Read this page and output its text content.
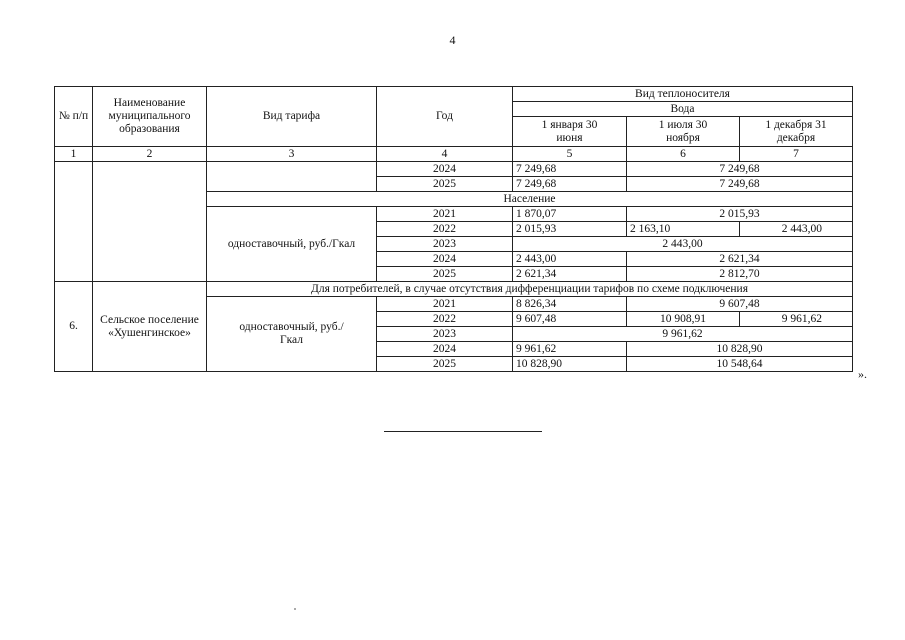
4
№ п/п	Наименование муниципального образования	Вид тарифа	Год	Вид теплоносителя		
				Вода		
				1 января 30 июня	1 июля 30 ноября	1 декабря 31 декабря
1	2	3	4	5	6	7
			2024	7 249,68	7 249,68	
			2025	7 249,68	7 249,68	
		Население				
		одноставочный, руб./Гкал	2021	1 870,07	2 015,93	
			2022	2 015,93	2 163,10	2 443,00
			2023	2 443,00		
			2024	2 443,00	2 621,34	
			2025	2 621,34	2 812,70	
6.	Сельское поселение «Хушенгинское»	Для потребителей, в случае отсутствия дифференциации тарифов по схеме подключения				
		одноставочный, руб./Гкал	2021	8 826,34	9 607,48	
			2022	9 607,48	10 908,91	9 961,62
			2023	9 961,62		
			2024	9 961,62	10 828,90	
			2025	10 828,90	10 548,64	
».
